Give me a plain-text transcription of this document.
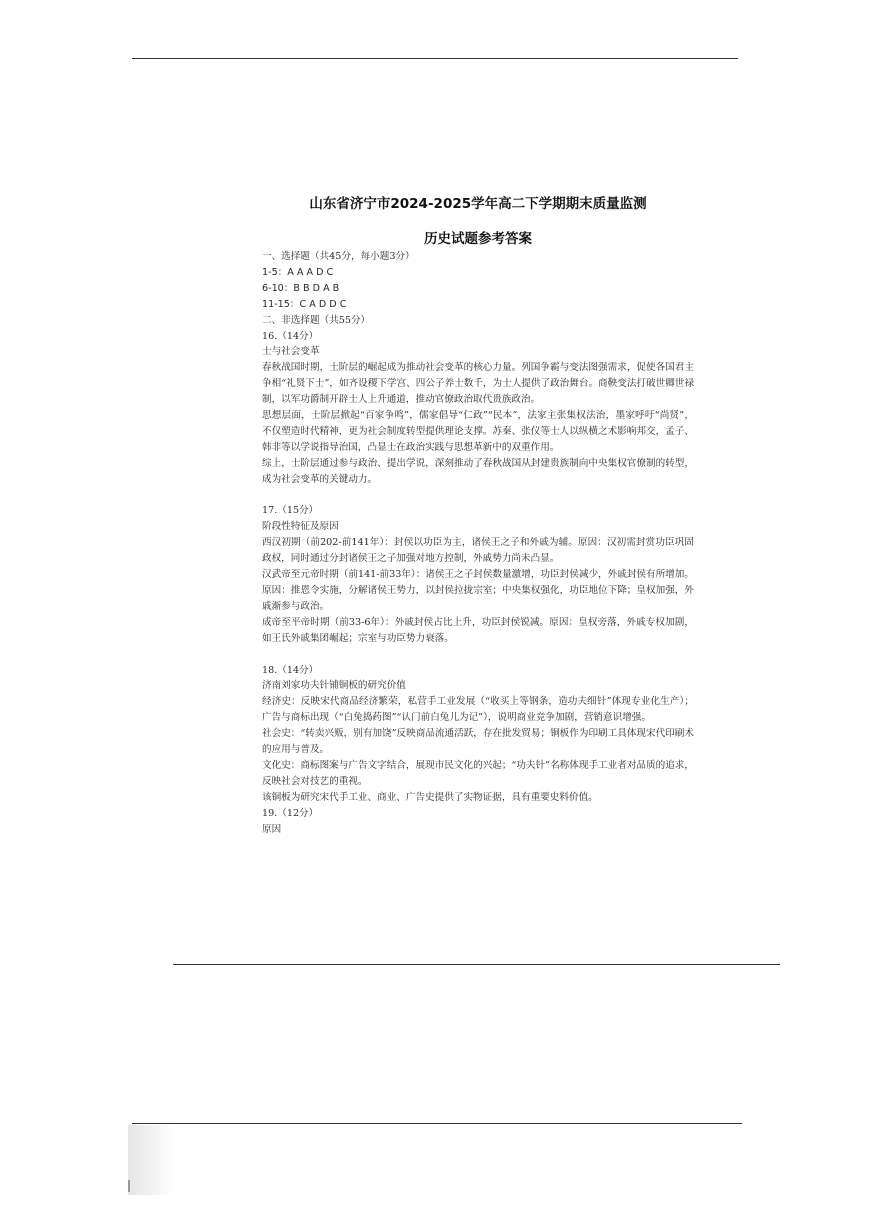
山东省济宁市2024-2025学年高二下学期期末质量监测
历史试题参考答案

一、选择题（共45分，每小题3分）

1-5：A A A D C

6-10：B B D A B

11-15：C A D D C

二、非选择题（共55分）

16.（14分）

士与社会变革

春秋战国时期，士阶层的崛起成为推动社会变革的核心力量。列国争霸与变法图强需求，促使各国君主争相“礼贤下士”，如齐设稷下学宫、四公子养士数千，为士人提供了政治舞台。商鞅变法打破世卿世禄制，以军功爵制开辟士人上升通道，推动官僚政治取代贵族政治。

思想层面，士阶层掀起“百家争鸣”，儒家倡导“仁政”“民本”，法家主张集权法治，墨家呼吁“尚贤”，不仅塑造时代精神，更为社会制度转型提供理论支撑。苏秦、张仪等士人以纵横之术影响邦交，孟子、韩非等以学说指导治国，凸显士在政治实践与思想革新中的双重作用。

综上，士阶层通过参与政治、提出学说，深刻推动了春秋战国从封建贵族制向中央集权官僚制的转型，成为社会变革的关键动力。

17.（15分）

阶段性特征及原因

西汉初期（前202-前141年）：封侯以功臣为主，诸侯王之子和外戚为辅。原因：汉初需封赏功臣巩固政权，同时通过分封诸侯王之子加强对地方控制，外戚势力尚未凸显。

汉武帝至元帝时期（前141-前33年）：诸侯王之子封侯数量激增，功臣封侯减少，外戚封侯有所增加。原因：推恩令实施，分解诸侯王势力，以封侯拉拢宗室；中央集权强化，功臣地位下降；皇权加强，外戚渐参与政治。

成帝至平帝时期（前33-6年）：外戚封侯占比上升，功臣封侯锐减。原因：皇权旁落，外戚专权加剧，如王氏外戚集团崛起；宗室与功臣势力衰落。

18.（14分）

济南刘家功夫针铺铜板的研究价值

经济史：反映宋代商品经济繁荣，私营手工业发展（“收买上等钢条，造功夫细针”体现专业化生产）；广告与商标出现（“白兔捣药图”“认门前白兔儿为记”），说明商业竞争加剧，营销意识增强。

社会史：“转卖兴贩，别有加饶”反映商品流通活跃，存在批发贸易；铜板作为印刷工具体现宋代印刷术的应用与普及。

文化史：商标图案与广告文字结合，展现市民文化的兴起；“功夫针”名称体现手工业者对品质的追求，反映社会对技艺的重视。

该铜板为研究宋代手工业、商业、广告史提供了实物证据，具有重要史料价值。

19.（12分）

原因
